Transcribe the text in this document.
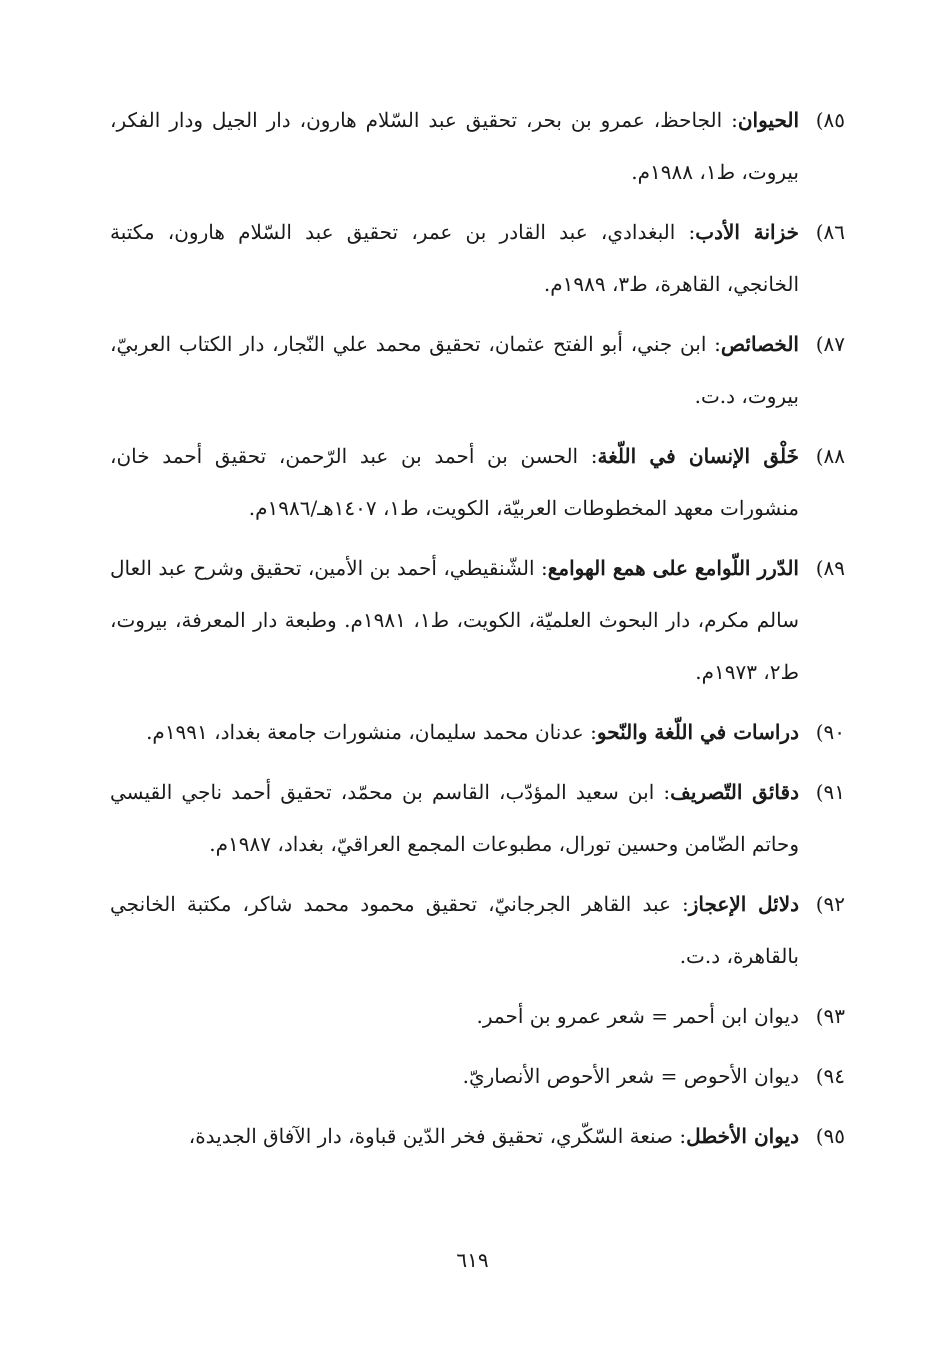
٨٥)
الحيوان: الجاحظ، عمرو بن بحر، تحقيق عبد السّلام هارون، دار الجيل ودار الفكر، بيروت، ط١، ١٩٨٨م.
٨٦)
خزانة الأدب: البغدادي، عبد القادر بن عمر، تحقيق عبد السّلام هارون، مكتبة الخانجي، القاهرة، ط٣، ١٩٨٩م.
٨٧)
الخصائص: ابن جني، أبو الفتح عثمان، تحقيق محمد علي النّجار، دار الكتاب العربيّ، بيروت، د.ت.
٨٨)
خَلْق الإنسان في اللّغة: الحسن بن أحمد بن عبد الرّحمن، تحقيق أحمد خان، منشورات معهد المخطوطات العربيّة، الكويت، ط١، ١٤٠٧هـ/١٩٨٦م.
٨٩)
الدّرر اللّوامع على همع الهوامع: الشّنقيطي، أحمد بن الأمين، تحقيق وشرح عبد العال سالم مكرم، دار البحوث العلميّة، الكويت، ط١، ١٩٨١م. وطبعة دار المعرفة، بيروت، ط٢، ١٩٧٣م.
٩٠)
دراسات في اللّغة والنّحو: عدنان محمد سليمان، منشورات جامعة بغداد، ١٩٩١م.
٩١)
دقائق التّصريف: ابن سعيد المؤدّب، القاسم بن محمّد، تحقيق أحمد ناجي القيسي وحاتم الضّامن وحسين تورال، مطبوعات المجمع العراقيّ، بغداد، ١٩٨٧م.
٩٢)
دلائل الإعجاز: عبد القاهر الجرجانيّ، تحقيق محمود محمد شاكر، مكتبة الخانجي بالقاهرة، د.ت.
٩٣)
ديوان ابن أحمر = شعر عمرو بن أحمر.
٩٤)
ديوان الأحوص = شعر الأحوص الأنصاريّ.
٩٥)
ديوان الأخطل: صنعة السّكّري، تحقيق فخر الدّين قباوة، دار الآفاق الجديدة،
٦١٩
